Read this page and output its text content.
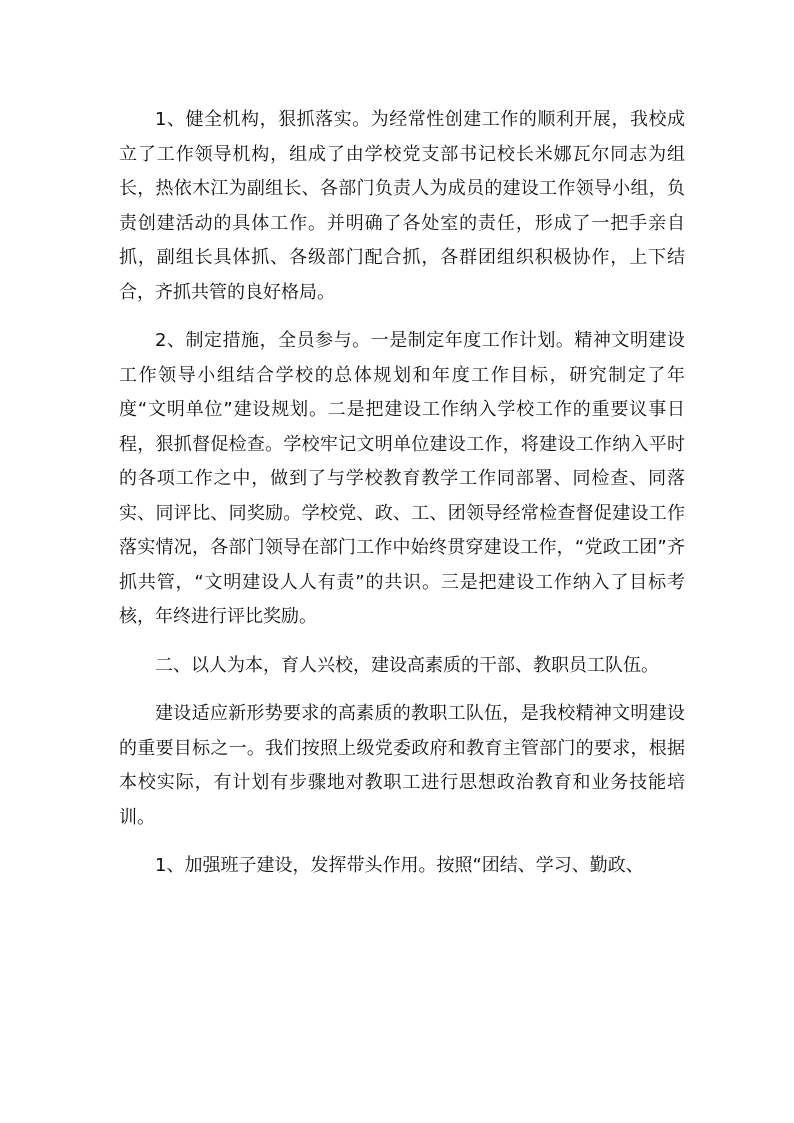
1、健全机构，狠抓落实。为经常性创建工作的顺利开展，我校成立了工作领导机构，组成了由学校党支部书记校长米娜瓦尔同志为组长，热依木江为副组长、各部门负责人为成员的建设工作领导小组，负责创建活动的具体工作。并明确了各处室的责任，形成了一把手亲自抓，副组长具体抓、各级部门配合抓，各群团组织积极协作，上下结合，齐抓共管的良好格局。

2、制定措施，全员参与。一是制定年度工作计划。精神文明建设工作领导小组结合学校的总体规划和年度工作目标，研究制定了年度“文明单位”建设规划。二是把建设工作纳入学校工作的重要议事日程，狠抓督促检查。学校牢记文明单位建设工作，将建设工作纳入平时的各项工作之中，做到了与学校教育教学工作同部署、同检查、同落实、同评比、同奖励。学校党、政、工、团领导经常检查督促建设工作落实情况，各部门领导在部门工作中始终贯穿建设工作，“党政工团”齐抓共管，“文明建设人人有责”的共识。三是把建设工作纳入了目标考核，年终进行评比奖励。

二、以人为本，育人兴校，建设高素质的干部、教职员工队伍。

建设适应新形势要求的高素质的教职工队伍，是我校精神文明建设的重要目标之一。我们按照上级党委政府和教育主管部门的要求，根据本校实际，有计划有步骤地对教职工进行思想政治教育和业务技能培训。

1、加强班子建设，发挥带头作用。按照“团结、学习、勤政、
